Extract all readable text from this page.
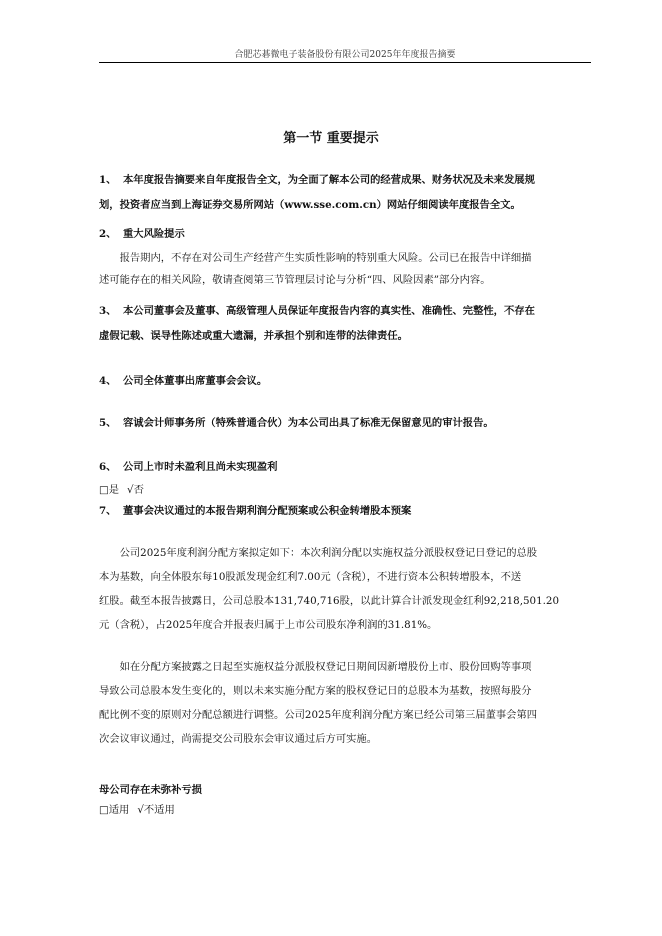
合肥芯碁微电子装备股份有限公司2025年年度报告摘要
第一节 重要提示
1、 本年度报告摘要来自年度报告全文，为全面了解本公司的经营成果、财务状况及未来发展规
划，投资者应当到上海证券交易所网站（www.sse.com.cn）网站仔细阅读年度报告全文。
2、 重大风险提示
报告期内，不存在对公司生产经营产生实质性影响的特别重大风险。公司已在报告中详细描
述可能存在的相关风险，敬请查阅第三节管理层讨论与分析“四、风险因素”部分内容。
3、 本公司董事会及董事、高级管理人员保证年度报告内容的真实性、准确性、完整性，不存在
虚假记载、误导性陈述或重大遗漏，并承担个别和连带的法律责任。
4、 公司全体董事出席董事会会议。
5、 容诚会计师事务所（特殊普通合伙）为本公司出具了标准无保留意见的审计报告。
6、 公司上市时未盈利且尚未实现盈利
□是 √否
7、 董事会决议通过的本报告期利润分配预案或公积金转增股本预案
公司2025年度利润分配方案拟定如下：本次利润分配以实施权益分派股权登记日登记的总股
本为基数，向全体股东每10股派发现金红利7.00元（含税），不进行资本公积转增股本，不送
红股。截至本报告披露日，公司总股本131,740,716股，以此计算合计派发现金红利92,218,501.20
元（含税），占2025年度合并报表归属于上市公司股东净利润的31.81%。
如在分配方案披露之日起至实施权益分派股权登记日期间因新增股份上市、股份回购等事项
导致公司总股本发生变化的，则以未来实施分配方案的股权登记日的总股本为基数，按照每股分
配比例不变的原则对分配总额进行调整。公司2025年度利润分配方案已经公司第三届董事会第四
次会议审议通过，尚需提交公司股东会审议通过后方可实施。
母公司存在未弥补亏损
□适用 √不适用
